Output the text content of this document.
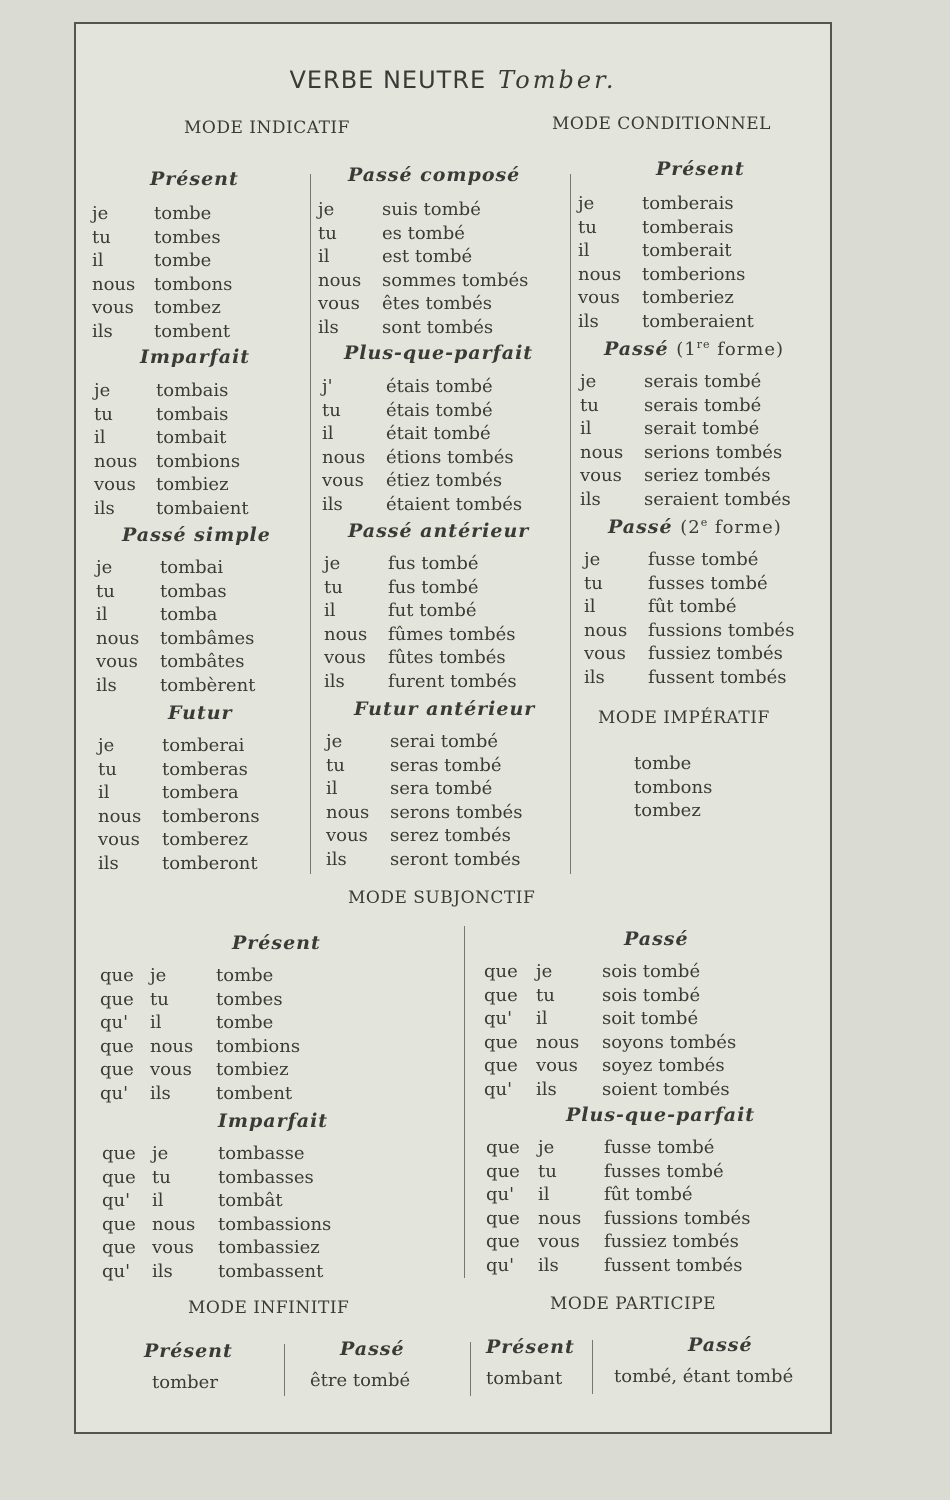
VERBE NEUTRE Tomber.
MODE INDICATIF	MODE CONDITIONNEL
Présent
je	tombe
tu	tombes
il	tombe
nous	tombons
vous	tombez
ils	tombent
Imparfait
je	tombais
tu	tombais
il	tombait
nous	tombions
vous	tombiez
ils	tombaient
Passé simple
je	tombai
tu	tombas
il	tomba
nous	tombâmes
vous	tombâtes
ils	tombèrent
Futur
je	tomberai
tu	tomberas
il	tombera
nous	tomberons
vous	tomberez
ils	tomberont
Passé composé
je	suis tombé
tu	es tombé
il	est tombé
nous	sommes tombés
vous	êtes tombés
ils	sont tombés
Plus-que-parfait
j'	étais tombé
tu	étais tombé
il	était tombé
nous	étions tombés
vous	étiez tombés
ils	étaient tombés
Passé antérieur
je	fus tombé
tu	fus tombé
il	fut tombé
nous	fûmes tombés
vous	fûtes tombés
ils	furent tombés
Futur antérieur
je	serai tombé
tu	seras tombé
il	sera tombé
nous	serons tombés
vous	serez tombés
ils	seront tombés
Présent
je	tomberais
tu	tomberais
il	tomberait
nous	tomberions
vous	tomberiez
ils	tomberaient
Passé (1re forme)
je	serais tombé
tu	serais tombé
il	serait tombé
nous	serions tombés
vous	seriez tombés
ils	seraient tombés
Passé (2e forme)
je	fusse tombé
tu	fusses tombé
il	fût tombé
nous	fussions tombés
vous	fussiez tombés
ils	fussent tombés
MODE IMPÉRATIF
tombe
tombons
tombez
MODE SUBJONCTIF
Présent
que je	tombe
que tu	tombes
qu'	il	tombe
que nous	tombions
que vous	tombiez
qu'	ils	tombent
Imparfait
que je	tombasse
que tu	tombasses
qu'	il	tombât
que nous	tombassions
que vous	tombassiez
qu'	ils	tombassent
Passé
que	je	sois tombé
que	tu	sois tombé
qu'	il	soit tombé
que	nous	soyons tombés
que	vous	soyez tombés
qu'	ils	soient tombés
Plus-que-parfait
que	je	fusse tombé
que	tu	fusses tombé
qu'	il	fût tombé
que	nous	fussions tombés
que	vous	fussiez tombés
qu'	ils	fussent tombés
MODE INFINITIF	MODE PARTICIPE
Présent
tomber
Passé
être tombé
Présent
tombant
Passé
tombé, étant tombé
